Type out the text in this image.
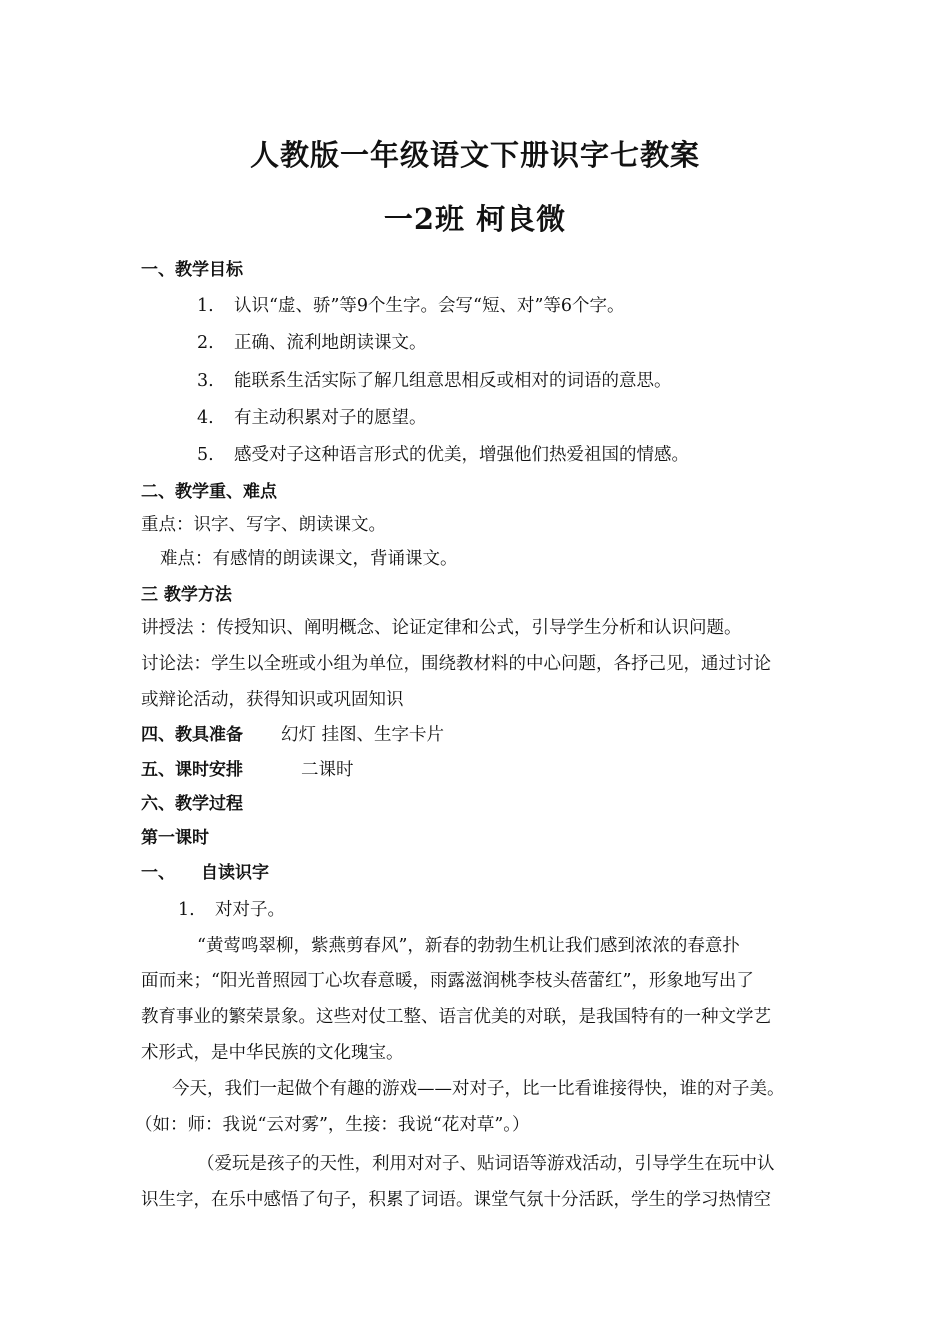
人教版一年级语文下册识字七教案
一2班 柯良微
一、教学目标
1. 认识“虚、骄”等9个生字。会写“短、对”等6个字。
2. 正确、流利地朗读课文。
3. 能联系生活实际了解几组意思相反或相对的词语的意思。
4. 有主动积累对子的愿望。
5. 感受对子这种语言形式的优美，增强他们热爱祖国的情感。
二、教学重、难点
重点：识字、写字、朗读课文。
难点：有感情的朗读课文，背诵课文。
三 教学方法
讲授法 ：传授知识、阐明概念、论证定律和公式，引导学生分析和认识问题。
讨论法：学生以全班或小组为单位，围绕教材料的中心问题，各抒己见，通过讨论
或辩论活动，获得知识或巩固知识
四、教具准备 幻灯 挂图、生字卡片
五、课时安排	二课时
六、教学过程
第一课时
一、 自读识字
1. 对对子。
“黄莺鸣翠柳，紫燕剪春风”，新春的勃勃生机让我们感到浓浓的春意扑
面而来；“阳光普照园丁心坎春意暖，雨露滋润桃李枝头蓓蕾红”，形象地写出了
教育事业的繁荣景象。这些对仗工整、语言优美的对联，是我国特有的一种文学艺
术形式，是中华民族的文化瑰宝。
今天，我们一起做个有趣的游戏——对对子，比一比看谁接得快，谁的对子美。
（如：师：我说“云对雾”，生接：我说“花对草”。）
（爱玩是孩子的天性，利用对对子、贴词语等游戏活动，引导学生在玩中认
识生字，在乐中感悟了句子，积累了词语。课堂气氛十分活跃，学生的学习热情空
